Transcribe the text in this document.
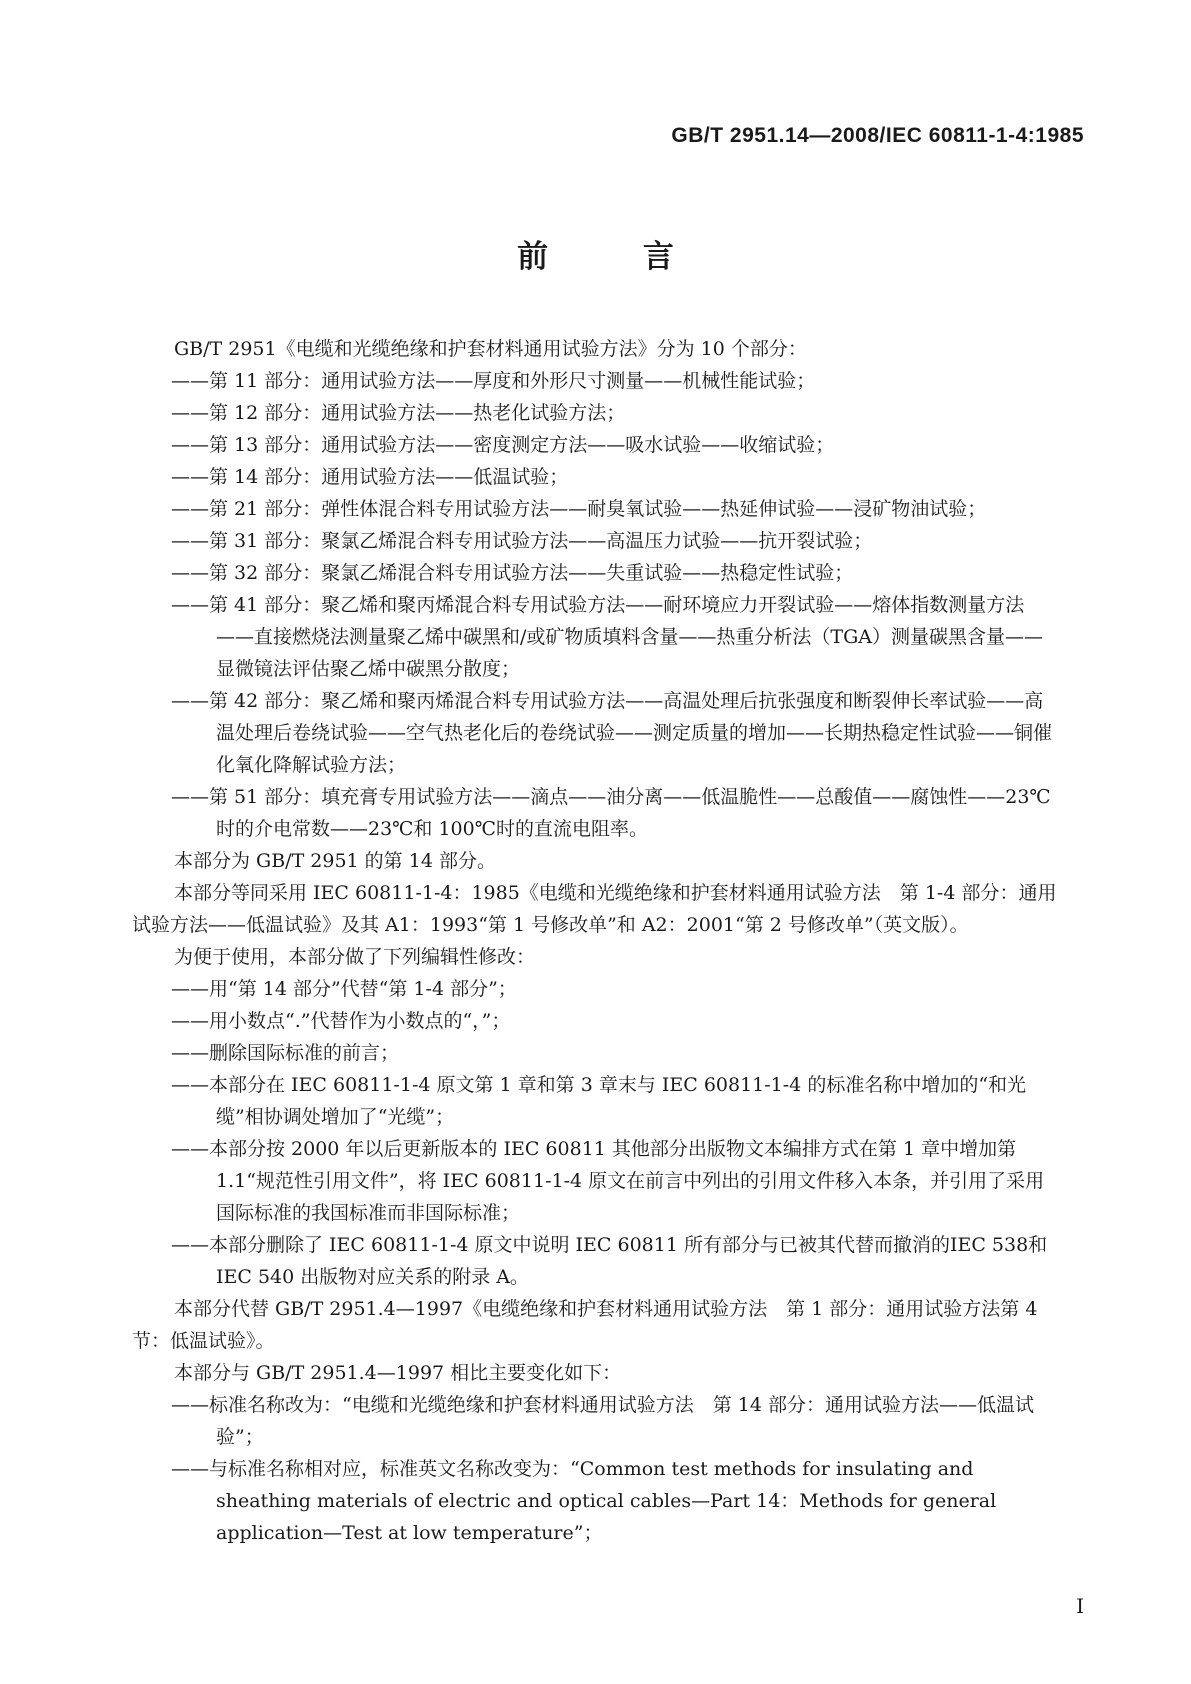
GB/T 2951.14—2008/IEC 60811-1-4:1985
前 言

GB/T 2951《电缆和光缆绝缘和护套材料通用试验方法》分为 10 个部分：

——第 11 部分：通用试验方法——厚度和外形尺寸测量——机械性能试验；

——第 12 部分：通用试验方法——热老化试验方法；

——第 13 部分：通用试验方法——密度测定方法——吸水试验——收缩试验；

——第 14 部分：通用试验方法——低温试验；

——第 21 部分：弹性体混合料专用试验方法——耐臭氧试验——热延伸试验——浸矿物油试验；

——第 31 部分：聚氯乙烯混合料专用试验方法——高温压力试验——抗开裂试验；

——第 32 部分：聚氯乙烯混合料专用试验方法——失重试验——热稳定性试验；

——第 41 部分：聚乙烯和聚丙烯混合料专用试验方法——耐环境应力开裂试验——熔体指数测量方法——直接燃烧法测量聚乙烯中碳黑和/或矿物质填料含量——热重分析法（TGA）测量碳黑含量——显微镜法评估聚乙烯中碳黑分散度；

——第 42 部分：聚乙烯和聚丙烯混合料专用试验方法——高温处理后抗张强度和断裂伸长率试验——高温处理后卷绕试验——空气热老化后的卷绕试验——测定质量的增加——长期热稳定性试验——铜催化氧化降解试验方法；

——第 51 部分：填充膏专用试验方法——滴点——油分离——低温脆性——总酸值——腐蚀性——23℃时的介电常数——23℃和 100℃时的直流电阻率。

本部分为 GB/T 2951 的第 14 部分。

本部分等同采用 IEC 60811-1-4：1985《电缆和光缆绝缘和护套材料通用试验方法　第 1-4 部分：通用试验方法——低温试验》及其 A1：1993“第 1 号修改单”和 A2：2001“第 2 号修改单”（英文版）。

为便于使用，本部分做了下列编辑性修改：

——用“第 14 部分”代替“第 1-4 部分”；

——用小数点“.”代替作为小数点的“，”；

——删除国际标准的前言；

——本部分在 IEC 60811-1-4 原文第 1 章和第 3 章末与 IEC 60811-1-4 的标准名称中增加的“和光缆”相协调处增加了“光缆”；

——本部分按 2000 年以后更新版本的 IEC 60811 其他部分出版物文本编排方式在第 1 章中增加第 1.1“规范性引用文件”，将 IEC 60811-1-4 原文在前言中列出的引用文件移入本条，并引用了采用国际标准的我国标准而非国际标准；

——本部分删除了 IEC 60811-1-4 原文中说明 IEC 60811 所有部分与已被其代替而撤消的IEC 538和 IEC 540 出版物对应关系的附录 A。

本部分代替 GB/T 2951.4—1997《电缆绝缘和护套材料通用试验方法　第 1 部分：通用试验方法第 4 节：低温试验》。

本部分与 GB/T 2951.4—1997 相比主要变化如下：

——标准名称改为：“电缆和光缆绝缘和护套材料通用试验方法　第 14 部分：通用试验方法——低温试验”；

——与标准名称相对应，标准英文名称改变为：“Common test methods for insulating and sheathing materials of electric and optical cables—Part 14：Methods for general application—Test at low temperature”；

I
